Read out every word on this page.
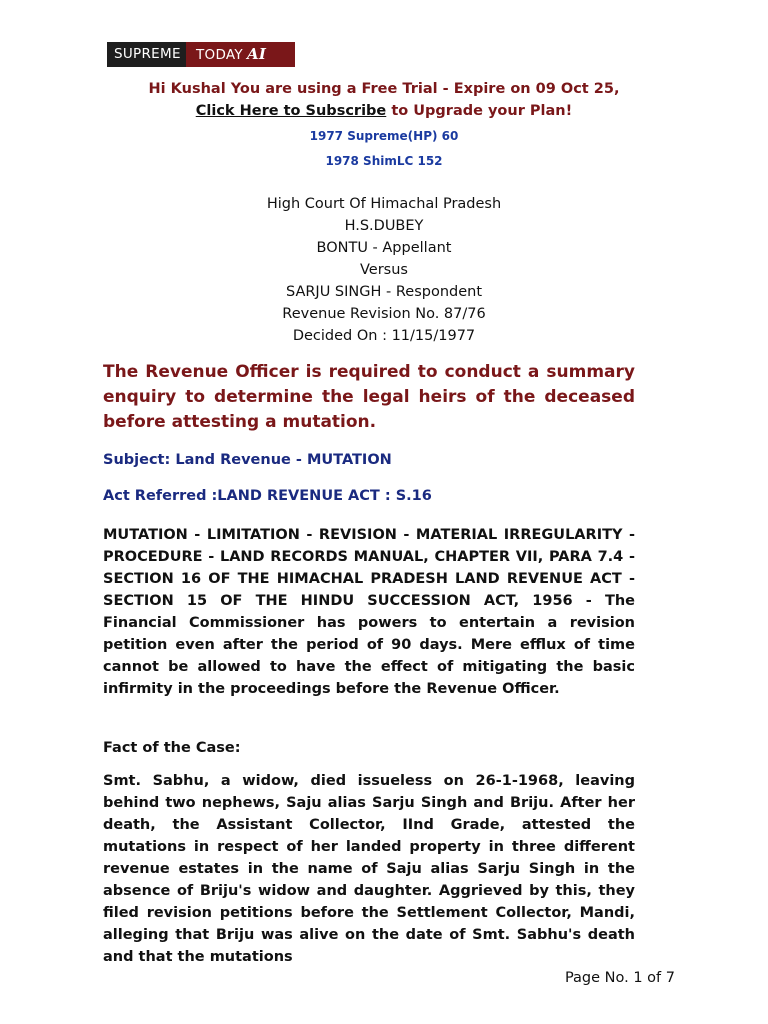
SUPREME	TODAY AI
Hi Kushal You are using a Free Trial - Expire on 09 Oct 25,
Click Here to Subscribe to Upgrade your Plan!
1977 Supreme(HP) 60
1978 ShimLC 152
High Court Of Himachal Pradesh
H.S.DUBEY
BONTU - Appellant
Versus
SARJU SINGH - Respondent
Revenue Revision No. 87/76
Decided On : 11/15/1977
The Revenue Officer is required to conduct a summary enquiry to determine the legal heirs of the deceased before attesting a mutation.
Subject: Land Revenue - MUTATION
Act Referred :LAND REVENUE ACT : S.16
MUTATION - LIMITATION - REVISION - MATERIAL IRREGULARITY - PROCEDURE - LAND RECORDS MANUAL, CHAPTER VII, PARA 7.4 - SECTION 16 OF THE HIMACHAL PRADESH LAND REVENUE ACT - SECTION 15 OF THE HINDU SUCCESSION ACT, 1956 - The Financial Commissioner has powers to entertain a revision petition even after the period of 90 days. Mere efflux of time cannot be allowed to have the effect of mitigating the basic infirmity in the proceedings before the Revenue Officer.
Fact of the Case:
Smt. Sabhu, a widow, died issueless on 26-1-1968, leaving behind two nephews, Saju alias Sarju Singh and Briju. After her death, the Assistant Collector, IInd Grade, attested the mutations in respect of her landed property in three different revenue estates in the name of Saju alias Sarju Singh in the absence of Briju's widow and daughter. Aggrieved by this, they filed revision petitions before the Settlement Collector, Mandi, alleging that Briju was alive on the date of Smt. Sabhu's death and that the mutations
Page No. 1 of 7
